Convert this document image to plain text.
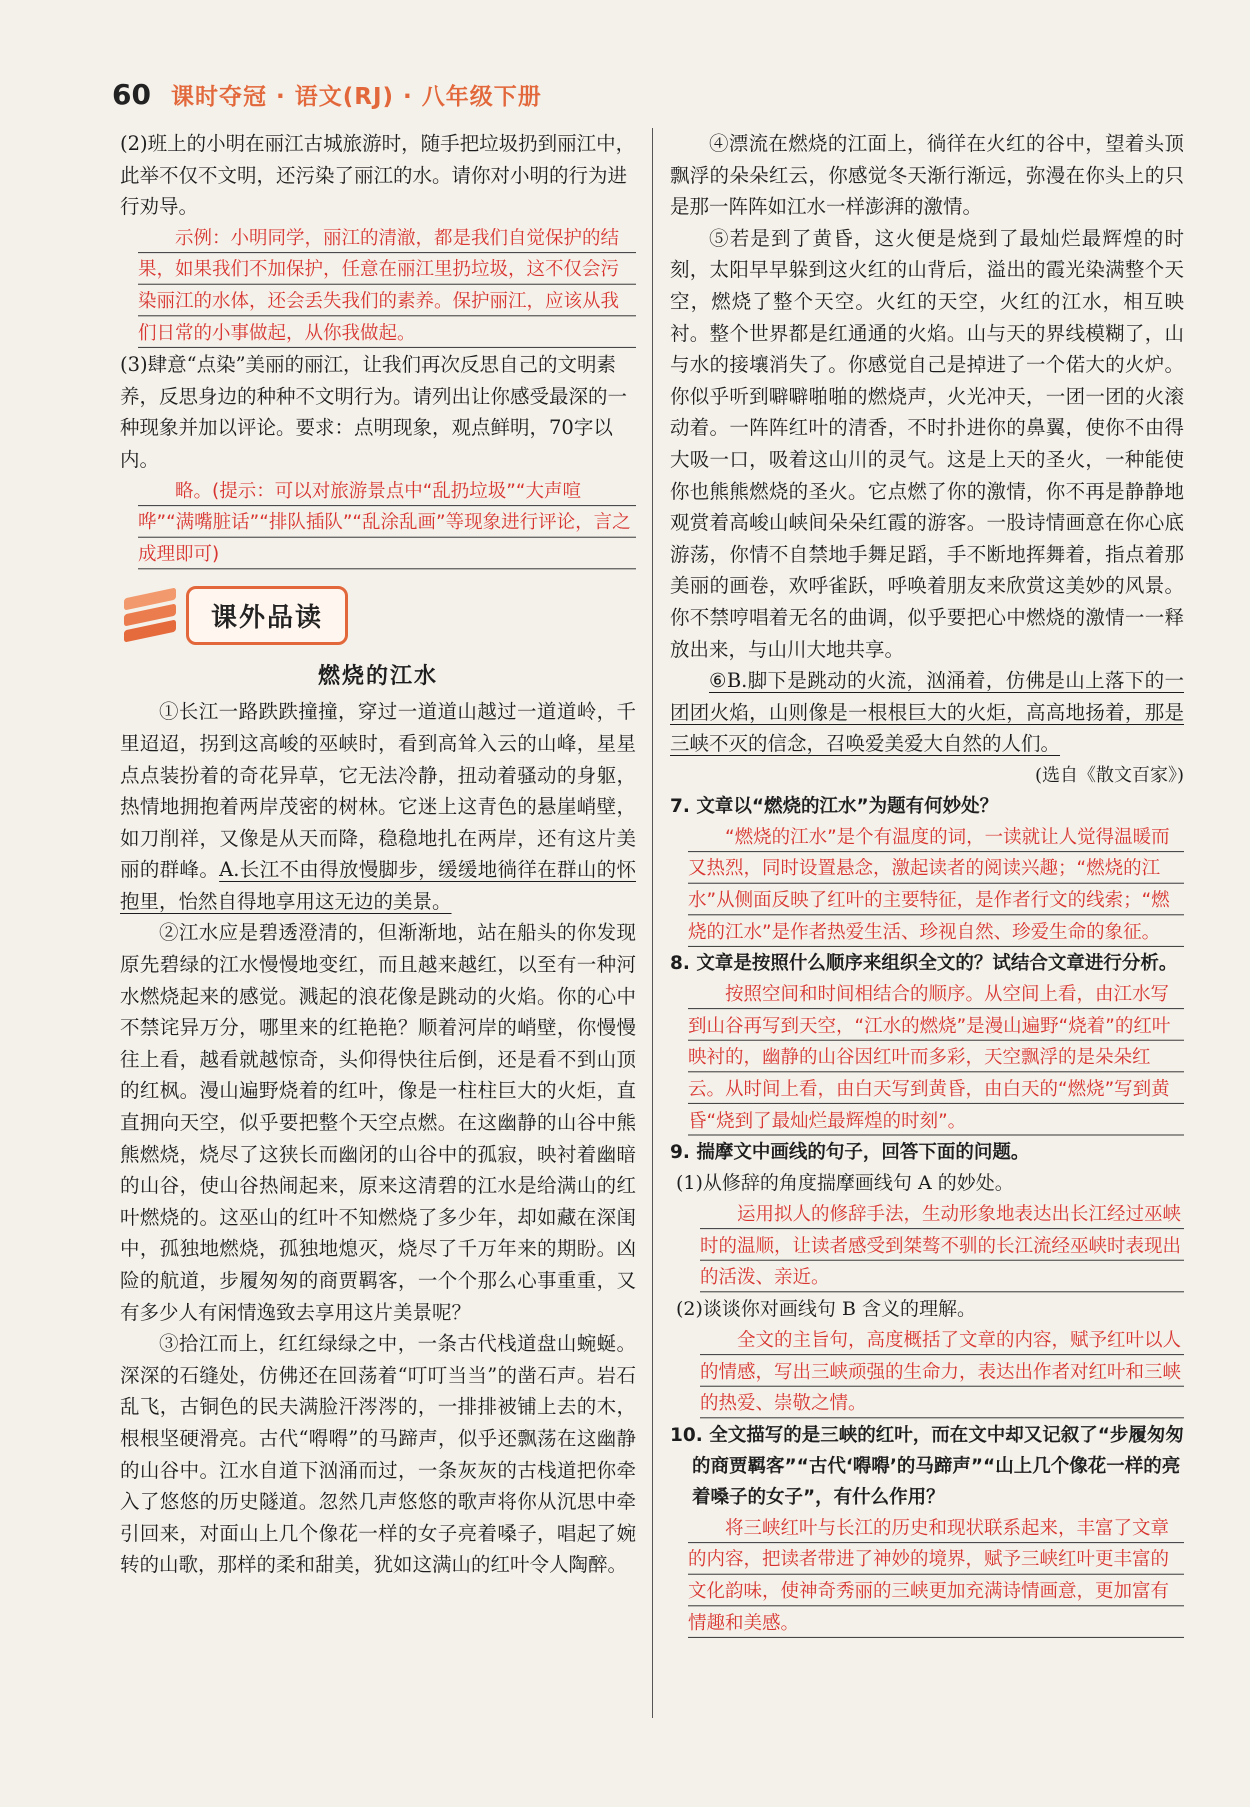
60 课时夺冠 · 语文(RJ) · 八年级下册

(2)班上的小明在丽江古城旅游时，随手把垃圾扔到丽江中，此举不仅不文明，还污染了丽江的水。请你对小明的行为进行劝导。

示例：小明同学，丽江的清澈，都是我们自觉保护的结果，如果我们不加保护，任意在丽江里扔垃圾，这不仅会污染丽江的水体，还会丢失我们的素养。保护丽江，应该从我们日常的小事做起，从你我做起。

(3)肆意“点染”美丽的丽江，让我们再次反思自己的文明素养，反思身边的种种不文明行为。请列出让你感受最深的一种现象并加以评论。要求：点明现象，观点鲜明，70字以内。

略。(提示：可以对旅游景点中“乱扔垃圾”“大声喧哗”“满嘴脏话”“排队插队”“乱涂乱画”等现象进行评论，言之成理即可)

课外品读

燃烧的江水

①长江一路跌跌撞撞，穿过一道道山越过一道道岭，千里迢迢，拐到这高峻的巫峡时，看到高耸入云的山峰，星星点点装扮着的奇花异草，它无法冷静，扭动着骚动的身躯，热情地拥抱着两岸茂密的树林。它迷上这青色的悬崖峭壁，如刀削祥，又像是从天而降，稳稳地扎在两岸，还有这片美丽的群峰。A.长江不由得放慢脚步，缓缓地徜徉在群山的怀抱里，怡然自得地享用这无边的美景。

②江水应是碧透澄清的，但渐渐地，站在船头的你发现原先碧绿的江水慢慢地变红，而且越来越红，以至有一种河水燃烧起来的感觉。溅起的浪花像是跳动的火焰。你的心中不禁诧异万分，哪里来的红艳艳？顺着河岸的峭壁，你慢慢往上看，越看就越惊奇，头仰得快往后倒，还是看不到山顶的红枫。漫山遍野烧着的红叶，像是一柱柱巨大的火炬，直直拥向天空，似乎要把整个天空点燃。在这幽静的山谷中熊熊燃烧，烧尽了这狭长而幽闭的山谷中的孤寂，映衬着幽暗的山谷，使山谷热闹起来，原来这清碧的江水是给满山的红叶燃烧的。这巫山的红叶不知燃烧了多少年，却如藏在深闺中，孤独地燃烧，孤独地熄灭，烧尽了千万年来的期盼。凶险的航道，步履匆匆的商贾羁客，一个个那么心事重重，又有多少人有闲情逸致去享用这片美景呢？

③拾江而上，红红绿绿之中，一条古代栈道盘山蜿蜒。深深的石缝处，仿佛还在回荡着“叮叮当当”的凿石声。岩石乱飞，古铜色的民夫满脸汗涔涔的，一排排被铺上去的木，根根坚硬滑亮。古代“嘚嘚”的马蹄声，似乎还飘荡在这幽静的山谷中。江水自道下汹涌而过，一条灰灰的古栈道把你牵入了悠悠的历史隧道。忽然几声悠悠的歌声将你从沉思中牵引回来，对面山上几个像花一样的女子亮着嗓子，唱起了婉转的山歌，那样的柔和甜美，犹如这满山的红叶令人陶醉。

④漂流在燃烧的江面上，徜徉在火红的谷中，望着头顶飘浮的朵朵红云，你感觉冬天渐行渐远，弥漫在你头上的只是那一阵阵如江水一样澎湃的激情。

⑤若是到了黄昏，这火便是烧到了最灿烂最辉煌的时刻，太阳早早躲到这火红的山背后，溢出的霞光染满整个天空，燃烧了整个天空。火红的天空，火红的江水，相互映衬。整个世界都是红通通的火焰。山与天的界线模糊了，山与水的接壤消失了。你感觉自己是掉进了一个偌大的火炉。你似乎听到噼噼啪啪的燃烧声，火光冲天，一团一团的火滚动着。一阵阵红叶的清香，不时扑进你的鼻翼，使你不由得大吸一口，吸着这山川的灵气。这是上天的圣火，一种能使你也熊熊燃烧的圣火。它点燃了你的激情，你不再是静静地观赏着高峻山峡间朵朵红霞的游客。一股诗情画意在你心底游荡，你情不自禁地手舞足蹈，手不断地挥舞着，指点着那美丽的画卷，欢呼雀跃，呼唤着朋友来欣赏这美妙的风景。你不禁哼唱着无名的曲调，似乎要把心中燃烧的激情一一释放出来，与山川大地共享。

⑥B.脚下是跳动的火流，汹涌着，仿佛是山上落下的一团团火焰，山则像是一根根巨大的火炬，高高地扬着，那是三峡不灭的信念，召唤爱美爱大自然的人们。

(选自《散文百家》)

7. 文章以“燃烧的江水”为题有何妙处？

“燃烧的江水”是个有温度的词，一读就让人觉得温暖而又热烈，同时设置悬念，激起读者的阅读兴趣；“燃烧的江水”从侧面反映了红叶的主要特征，是作者行文的线索；“燃烧的江水”是作者热爱生活、珍视自然、珍爱生命的象征。

8. 文章是按照什么顺序来组织全文的？试结合文章进行分析。

按照空间和时间相结合的顺序。从空间上看，由江水写到山谷再写到天空，“江水的燃烧”是漫山遍野“烧着”的红叶映衬的，幽静的山谷因红叶而多彩，天空飘浮的是朵朵红云。从时间上看，由白天写到黄昏，由白天的“燃烧”写到黄昏“烧到了最灿烂最辉煌的时刻”。

9. 揣摩文中画线的句子，回答下面的问题。

(1)从修辞的角度揣摩画线句 A 的妙处。

运用拟人的修辞手法，生动形象地表达出长江经过巫峡时的温顺，让读者感受到桀骜不驯的长江流经巫峡时表现出的活泼、亲近。

(2)谈谈你对画线句 B 含义的理解。

全文的主旨句，高度概括了文章的内容，赋予红叶以人的情感，写出三峡顽强的生命力，表达出作者对红叶和三峡的热爱、崇敬之情。

10. 全文描写的是三峡的红叶，而在文中却又记叙了“步履匆匆的商贾羁客”“古代‘嘚嘚’的马蹄声”“山上几个像花一样的亮着嗓子的女子”，有什么作用？

将三峡红叶与长江的历史和现状联系起来，丰富了文章的内容，把读者带进了神妙的境界，赋予三峡红叶更丰富的文化韵味，使神奇秀丽的三峡更加充满诗情画意，更加富有情趣和美感。
